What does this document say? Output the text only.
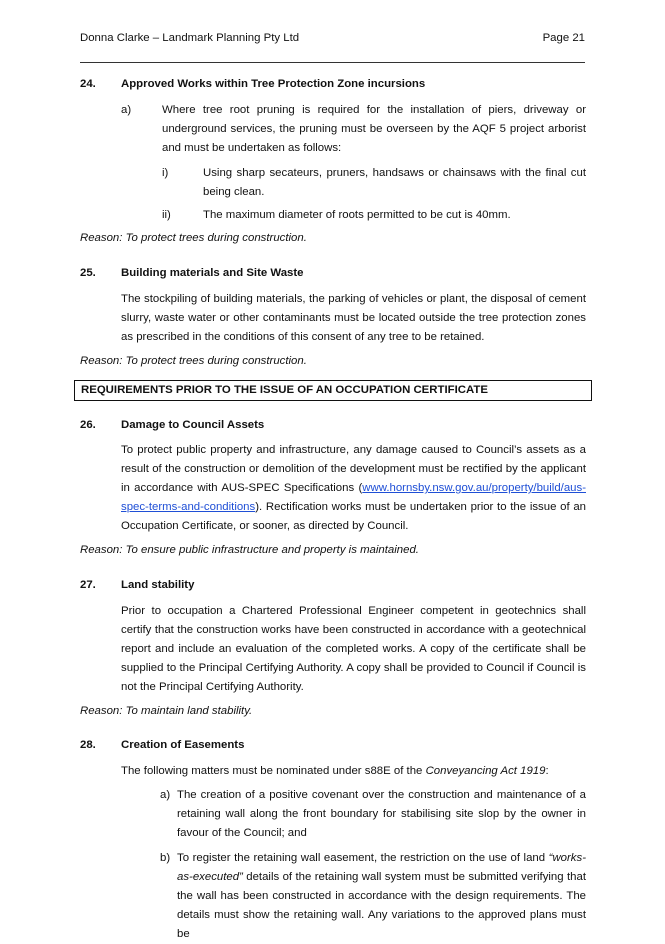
Donna Clarke – Landmark Planning Pty Ltd	Page 21
24.	Approved Works within Tree Protection Zone incursions
a)	Where tree root pruning is required for the installation of piers, driveway or underground services, the pruning must be overseen by the AQF 5 project arborist and must be undertaken as follows:

i)	Using sharp secateurs, pruners, handsaws or chainsaws with the final cut being clean.

ii)	The maximum diameter of roots permitted to be cut is 40mm.

Reason: To protect trees during construction.
25.	Building materials and Site Waste

The stockpiling of building materials, the parking of vehicles or plant, the disposal of cement slurry, waste water or other contaminants must be located outside the tree protection zones as prescribed in the conditions of this consent of any tree to be retained.

Reason: To protect trees during construction.
REQUIREMENTS PRIOR TO THE ISSUE OF AN OCCUPATION CERTIFICATE
26.	Damage to Council Assets

To protect public property and infrastructure, any damage caused to Council’s assets as a result of the construction or demolition of the development must be rectified by the applicant in accordance with AUS-SPEC Specifications (www.hornsby.nsw.gov.au/property/build/aus-spec-terms-and-conditions). Rectification works must be undertaken prior to the issue of an Occupation Certificate, or sooner, as directed by Council.

Reason: To ensure public infrastructure and property is maintained.
27.	Land stability

Prior to occupation a Chartered Professional Engineer competent in geotechnics shall certify that the construction works have been constructed in accordance with a geotechnical report and include an evaluation of the completed works. A copy of the certificate shall be supplied to the Principal Certifying Authority. A copy shall be provided to Council if Council is not the Principal Certifying Authority.

Reason: To maintain land stability.
28.	Creation of Easements

The following matters must be nominated under s88E of the Conveyancing Act 1919:

a) The creation of a positive covenant over the construction and maintenance of a retaining wall along the front boundary for stabilising site slop by the owner in favour of the Council; and

b) To register the retaining wall easement, the restriction on the use of land “works-as-executed” details of the retaining wall system must be submitted verifying that the wall has been constructed in accordance with the design requirements. The details must show the retaining wall. Any variations to the approved plans must be
